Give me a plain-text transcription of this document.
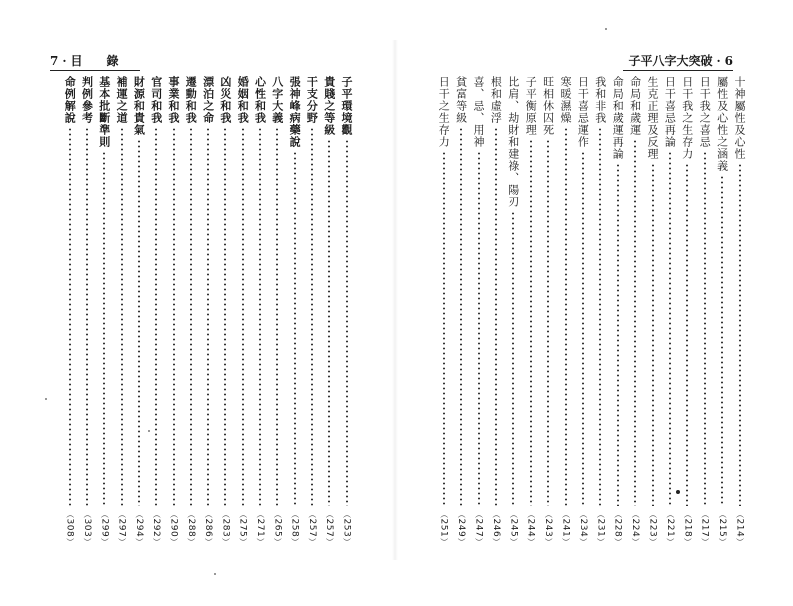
7 · 目　　錄
子平環境觀
︵253︶
貴賤之等級
︵257︶
干支分野
︵257︶
張神峰病藥說
︵258︶
八字大義
︵265︶
心性和我
︵271︶
婚姻和我
︵275︶
凶災和我
︵283︶
漂泊之命
︵286︶
遷動和我
︵288︶
事業和我
︵290︶
官司和我
︵292︶
財源和貴氣
︵294︶
補運之道
︵297︶
基本批斷準則
︵299︶
判例參考
︵303︶
命例解說
︵308︶
子平八字大突破 · 6
十神屬性及心性
︵214︶
屬性及心性之涵義
︵215︶
日干我之喜忌
︵217︶
日干我之生存力
︵218︶
日干喜忌再論
︵221︶
生克正理及反理
︵223︶
命局和歲運
︵224︶
命局和歲運再論
︵228︶
我和非我
︵231︶
日干喜忌運作
︵234︶
寒暖濕燥
︵241︶
旺相休囚死
︵243︶
子平衡原理
︵244︶
比肩、劫財和建祿、陽刃
︵245︶
根和虛浮
︵246︶
喜、忌、用神
︵247︶
貧富等級
︵249︶
日干之生存力
︵251︶
